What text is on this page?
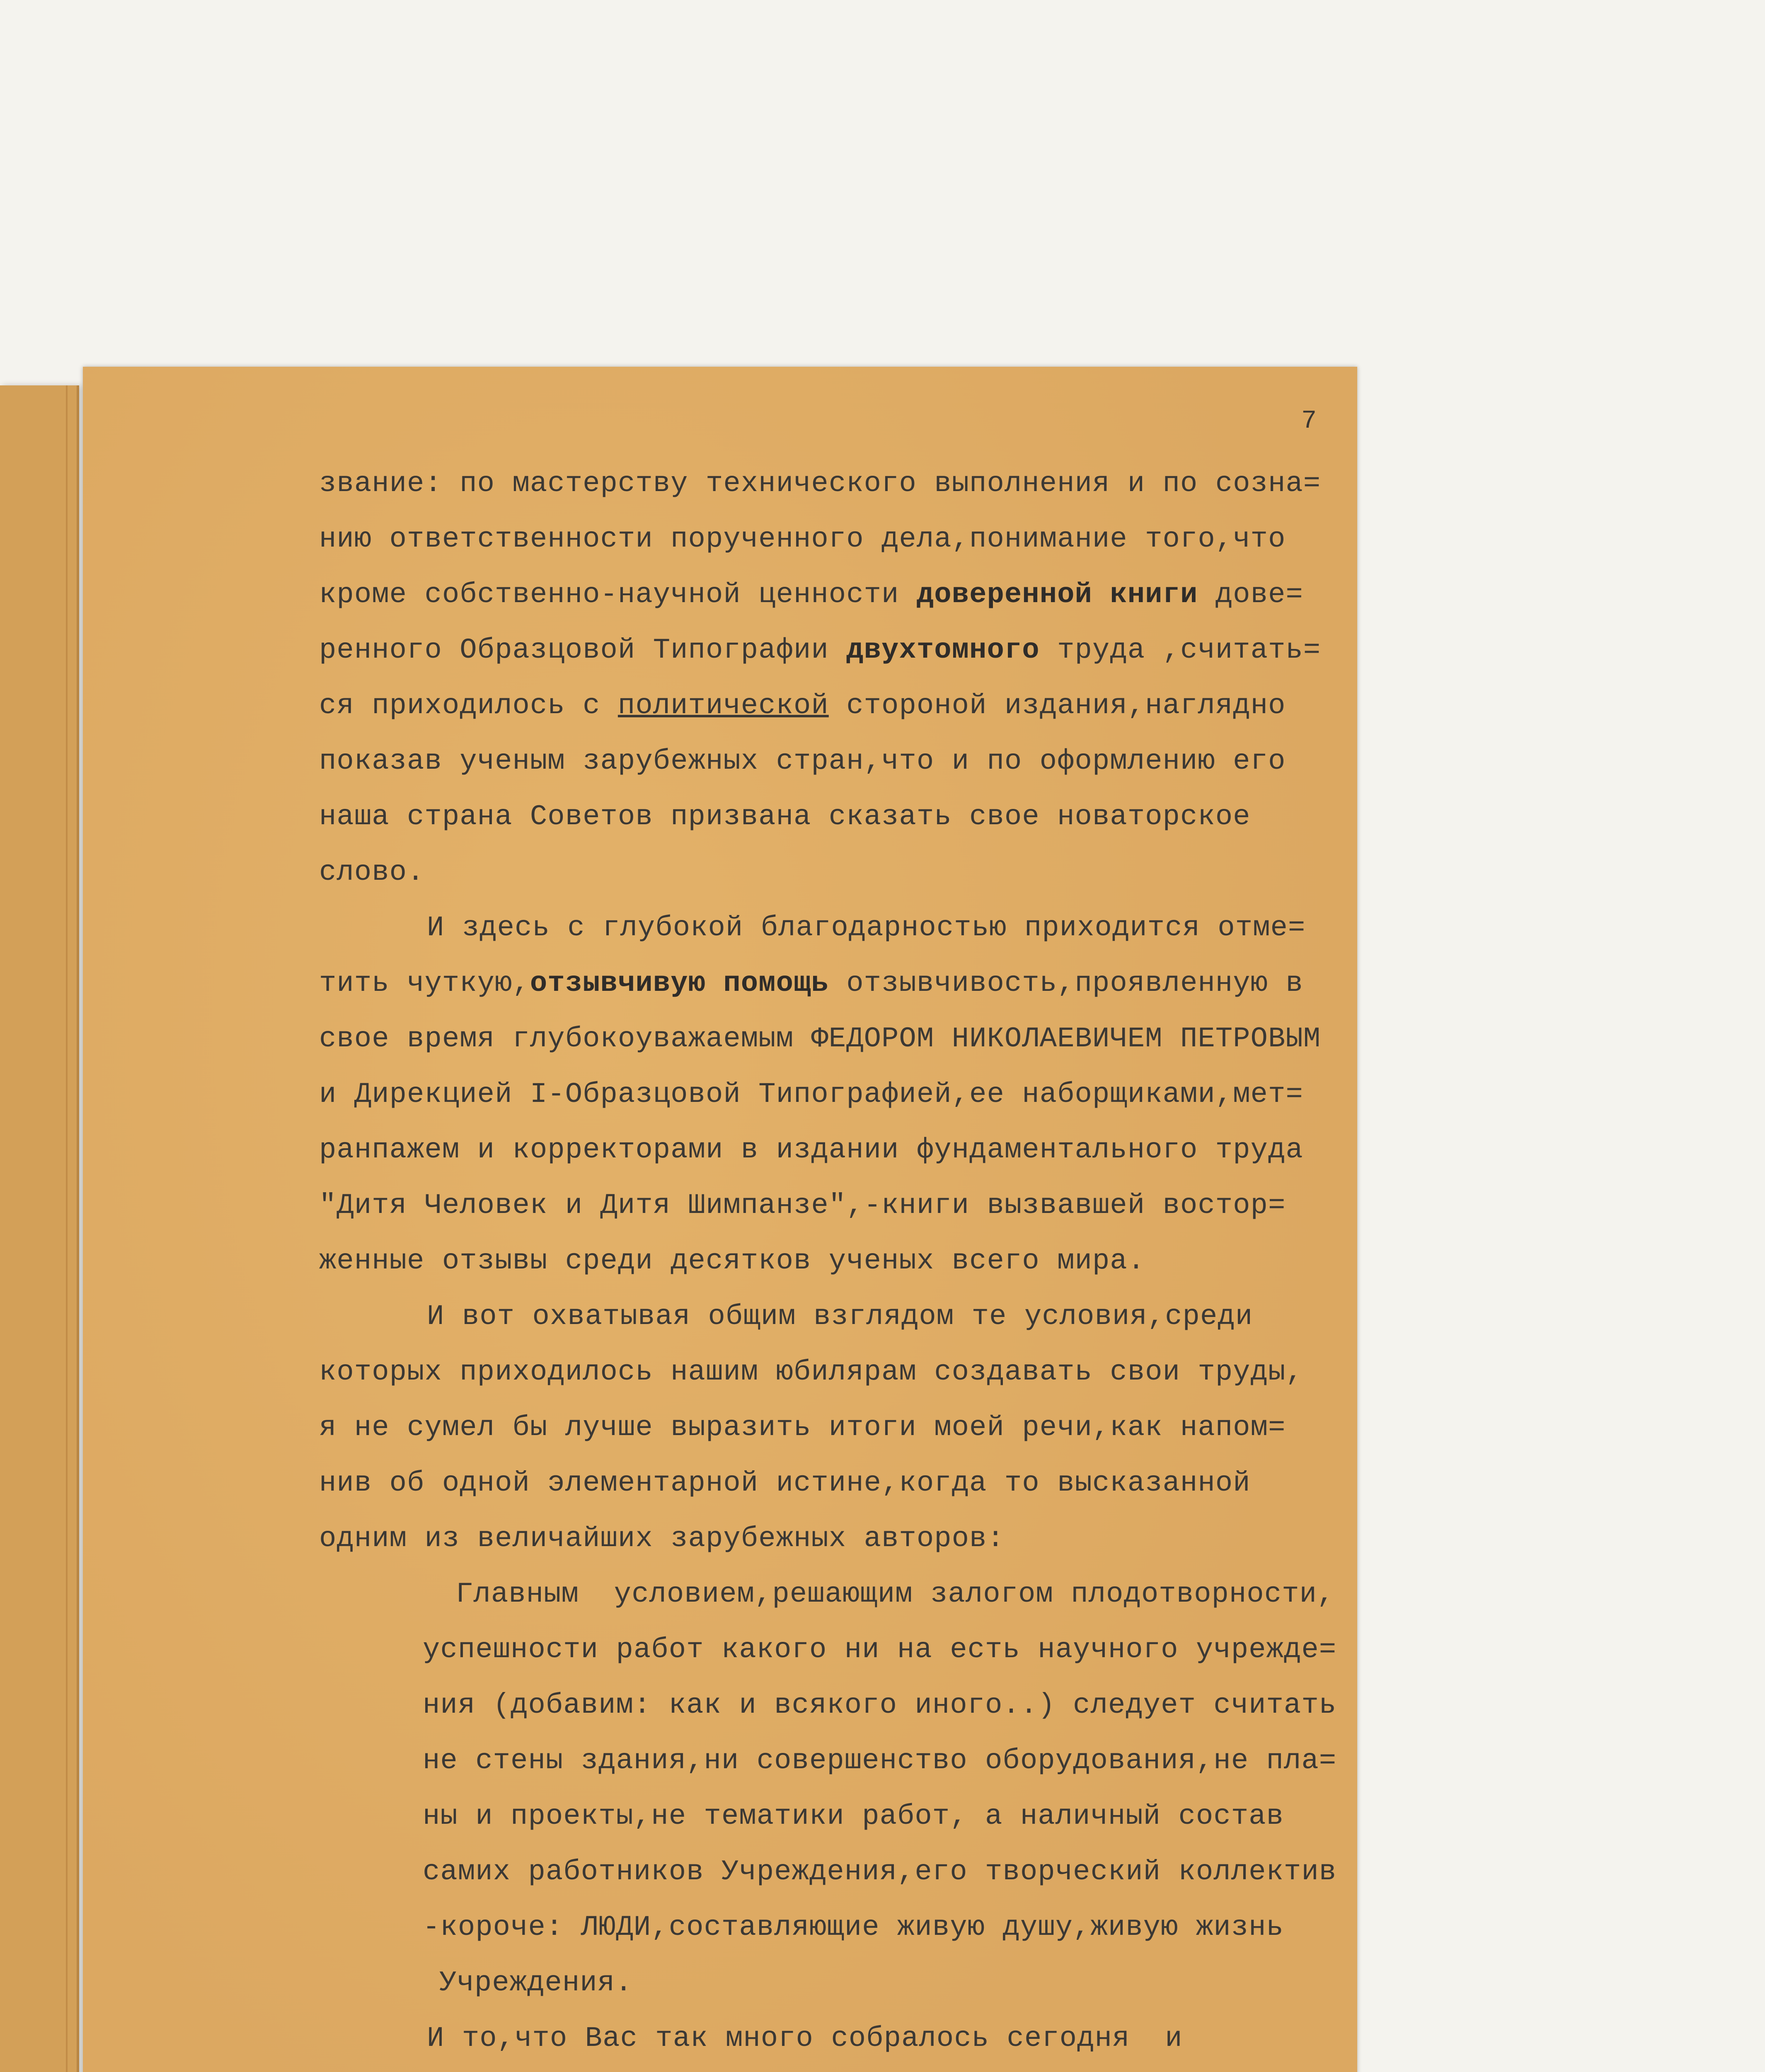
7
звание: по мастерству технического выполнения и по созна=
нию ответственности порученного дела,понимание того,что
кроме собственно-научной ценности доверенной книги дове=
ренного Образцовой Типографии двухтомного труда ,считать=
ся приходилось с политической стороной издания,наглядно
показав ученым зарубежных стран,что и по оформлению его
наша страна Советов призвана сказать свое новаторское
слово.
И здесь с глубокой благодарностью приходится отме=
тить чуткую,отзывчивую помощь отзывчивость,проявленную в
свое время глубокоуважаемым ФЕДОРОМ НИКОЛАЕВИЧЕМ ПЕТРОВЫМ
и Дирекцией I-Образцовой Типографией,ее наборщиками,мет=
ранпажем и корректорами в издании фундаментального труда
"Дитя Человек и Дитя Шимпанзе",-книги вызвавшей востор=
женные отзывы среди десятков ученых всего мира.
И вот охватывая общим взглядом те условия,среди
которых приходилось нашим юбилярам создавать свои труды,
я не сумел бы лучше выразить итоги моей речи,как напом=
нив об одной элементарной истине,когда то высказанной
одним из величайших зарубежных авторов:
Главным  условием,решающим залогом плодотворности,
успешности работ какого ни на есть научного учрежде=
ния (добавим: как и всякого иного..) следует считать
не стены здания,ни совершенство оборудования,не пла=
ны и проекты,не тематики работ, а наличный состав
самих работников Учреждения,его творческий коллектив
-короче: ЛЮДИ,составляющие живую душу,живую жизнь
Учреждения.
И то,что Вас так много собралось сегодня  и
